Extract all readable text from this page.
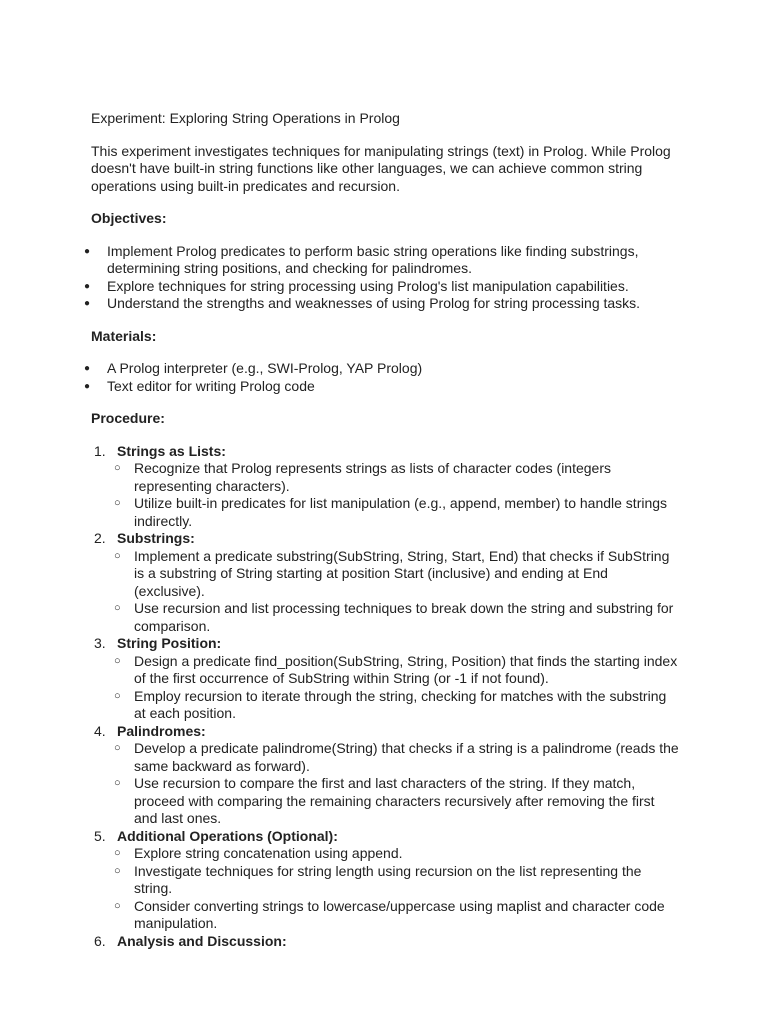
Experiment: Exploring String Operations in Prolog

This experiment investigates techniques for manipulating strings (text) in Prolog. While Prolog doesn't have built-in string functions like other languages, we can achieve common string operations using built-in predicates and recursion.

Objectives:

● Implement Prolog predicates to perform basic string operations like finding substrings, determining string positions, and checking for palindromes.
● Explore techniques for string processing using Prolog's list manipulation capabilities.
● Understand the strengths and weaknesses of using Prolog for string processing tasks.

Materials:

● A Prolog interpreter (e.g., SWI-Prolog, YAP Prolog)
● Text editor for writing Prolog code

Procedure:

1. Strings as Lists:
○ Recognize that Prolog represents strings as lists of character codes (integers representing characters).
○ Utilize built-in predicates for list manipulation (e.g., append, member) to handle strings indirectly.
2. Substrings:
○ Implement a predicate substring(SubString, String, Start, End) that checks if SubString is a substring of String starting at position Start (inclusive) and ending at End (exclusive).
○ Use recursion and list processing techniques to break down the string and substring for comparison.
3. String Position:
○ Design a predicate find_position(SubString, String, Position) that finds the starting index of the first occurrence of SubString within String (or -1 if not found).
○ Employ recursion to iterate through the string, checking for matches with the substring at each position.
4. Palindromes:
○ Develop a predicate palindrome(String) that checks if a string is a palindrome (reads the same backward as forward).
○ Use recursion to compare the first and last characters of the string. If they match, proceed with comparing the remaining characters recursively after removing the first and last ones.
5. Additional Operations (Optional):
○ Explore string concatenation using append.
○ Investigate techniques for string length using recursion on the list representing the string.
○ Consider converting strings to lowercase/uppercase using maplist and character code manipulation.
6. Analysis and Discussion:
